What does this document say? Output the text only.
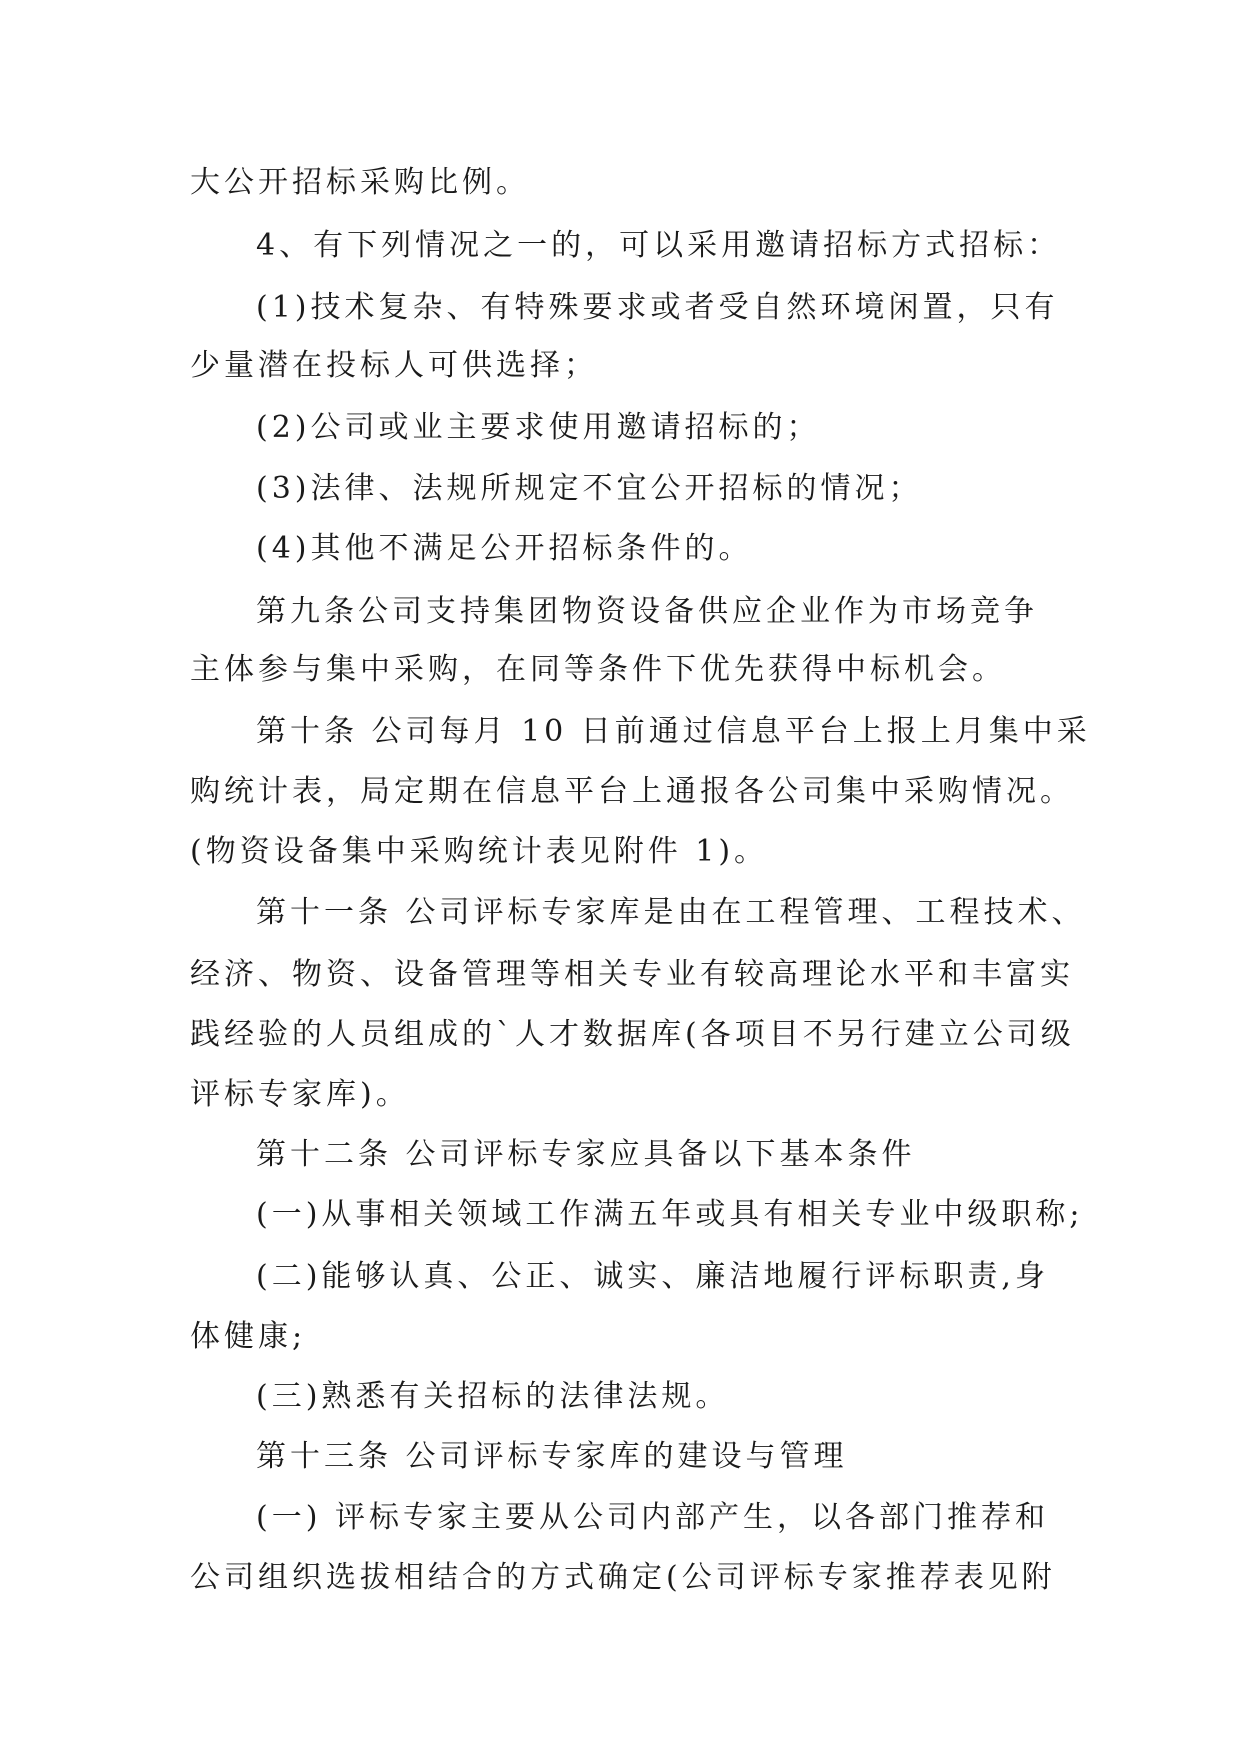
大公开招标采购比例。
4、有下列情况之一的，可以采用邀请招标方式招标：
(1)技术复杂、有特殊要求或者受自然环境闲置，只有
少量潜在投标人可供选择；
(2)公司或业主要求使用邀请招标的；
(3)法律、法规所规定不宜公开招标的情况；
(4)其他不满足公开招标条件的。
第九条公司支持集团物资设备供应企业作为市场竞争
主体参与集中采购，在同等条件下优先获得中标机会。
第十条 公司每月 10 日前通过信息平台上报上月集中采
购统计表，局定期在信息平台上通报各公司集中采购情况。
(物资设备集中采购统计表见附件 1)。
第十一条 公司评标专家库是由在工程管理、工程技术、
经济、物资、设备管理等相关专业有较高理论水平和丰富实
践经验的人员组成的`人才数据库(各项目不另行建立公司级
评标专家库)。
第十二条 公司评标专家应具备以下基本条件
(一)从事相关领域工作满五年或具有相关专业中级职称;
(二)能够认真、公正、诚实、廉洁地履行评标职责,身
体健康;
(三)熟悉有关招标的法律法规。
第十三条 公司评标专家库的建设与管理
(一) 评标专家主要从公司内部产生，以各部门推荐和
公司组织选拔相结合的方式确定(公司评标专家推荐表见附
